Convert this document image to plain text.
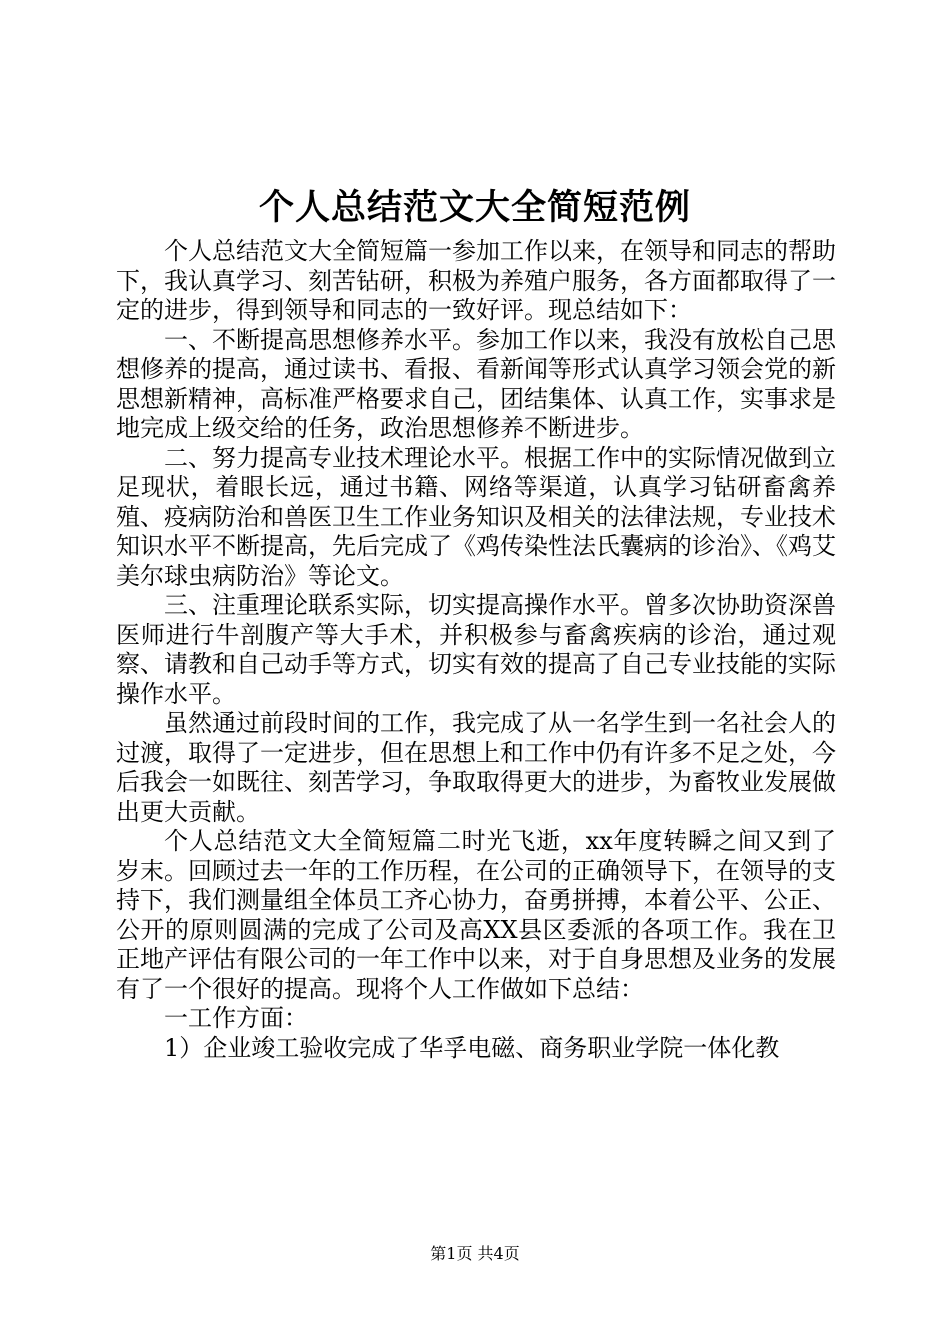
个人总结范文大全简短范例

个人总结范文大全简短篇一参加工作以来，在领导和同志的帮助下，我认真学习、刻苦钻研，积极为养殖户服务，各方面都取得了一定的进步，得到领导和同志的一致好评。现总结如下：

一、不断提高思想修养水平。参加工作以来，我没有放松自己思想修养的提高，通过读书、看报、看新闻等形式认真学习领会党的新思想新精神，高标准严格要求自己，团结集体、认真工作，实事求是地完成上级交给的任务，政治思想修养不断进步。

二、努力提高专业技术理论水平。根据工作中的实际情况做到立足现状，着眼长远，通过书籍、网络等渠道，认真学习钻研畜禽养殖、疫病防治和兽医卫生工作业务知识及相关的法律法规，专业技术知识水平不断提高，先后完成了《鸡传染性法氏囊病的诊治》、《鸡艾美尔球虫病防治》等论文。

三、注重理论联系实际，切实提高操作水平。曾多次协助资深兽医师进行牛剖腹产等大手术，并积极参与畜禽疾病的诊治，通过观察、请教和自己动手等方式，切实有效的提高了自己专业技能的实际操作水平。

虽然通过前段时间的工作，我完成了从一名学生到一名社会人的过渡，取得了一定进步，但在思想上和工作中仍有许多不足之处，今后我会一如既往、刻苦学习，争取取得更大的进步，为畜牧业发展做出更大贡献。

个人总结范文大全简短篇二时光飞逝，xx年度转瞬之间又到了岁末。回顾过去一年的工作历程，在公司的正确领导下，在领导的支持下，我们测量组全体员工齐心协力，奋勇拼搏，本着公平、公正、公开的原则圆满的完成了公司及高XX县区委派的各项工作。我在卫正地产评估有限公司的一年工作中以来，对于自身思想及业务的发展有了一个很好的提高。现将个人工作做如下总结：

一工作方面：

1）企业竣工验收完成了华孚电磁、商务职业学院一体化教

第1页 共4页
